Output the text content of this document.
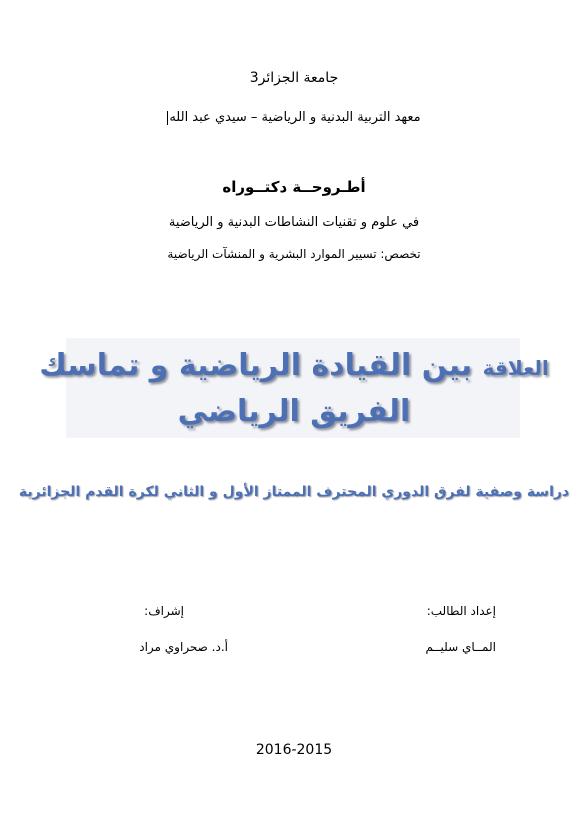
جامعة الجزائر3
معهد التربية البدنية و الرياضية – سيدي عبد الله
أطـروحــة دكتــوراه
في علوم و تقنيات النشاطات البدنية و الرياضية
تخصص: تسيير الموارد البشرية و المنشآت الرياضية
العلاقة بين القيادة الرياضية و تماسك
الفريق الرياضي
دراسة وصفية لفرق الدوري المحترف الممتاز الأول و الثاني لكرة القدم الجزائرية
إعداد الطالب:
المــاي سليــم
إشراف:
أ.د. صحراوي مراد
2016-2015
